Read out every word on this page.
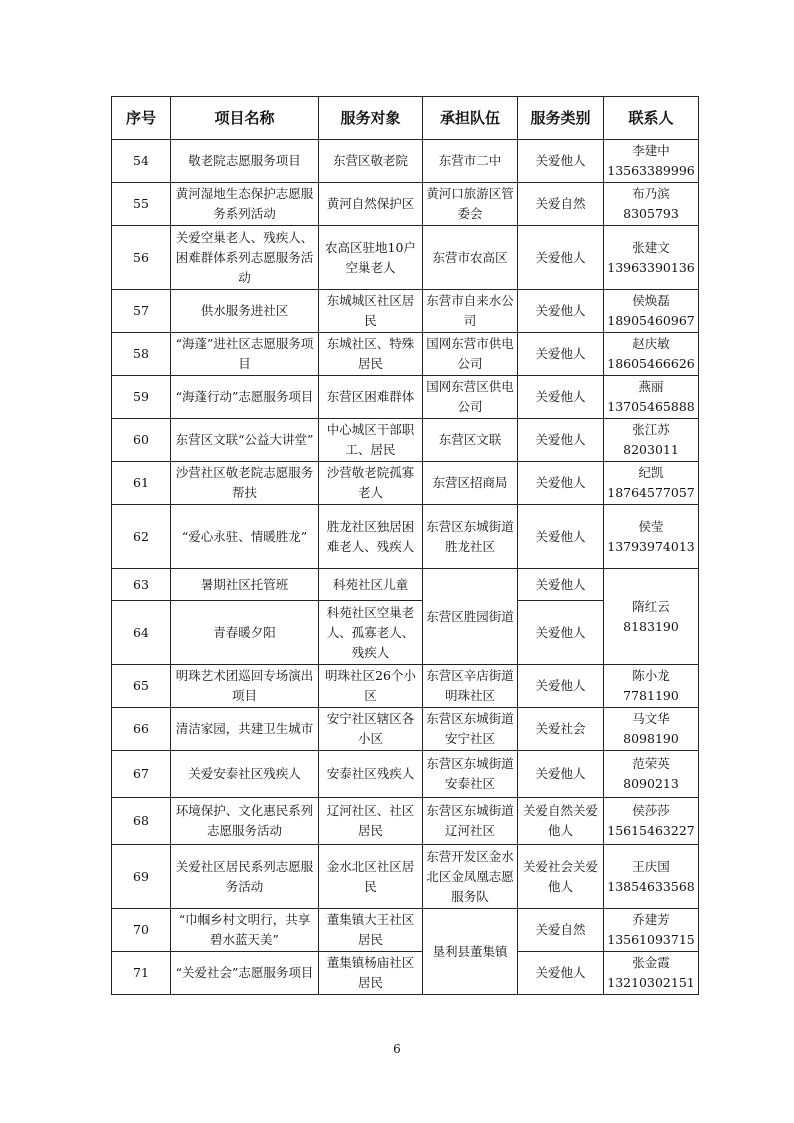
序号	项目名称	服务对象	承担队伍	服务类别	联系人
54	敬老院志愿服务项目	东营区敬老院	东营市二中	关爱他人	李建中
13563389996
55	黄河湿地生态保护志愿服务系列活动	黄河自然保护区	黄河口旅游区管委会	关爱自然	布乃滨
8305793
56	关爱空巢老人、残疾人、困难群体系列志愿服务活动	农高区驻地10户空巢老人	东营市农高区	关爱他人	张建文
13963390136
57	供水服务进社区	东城城区社区居民	东营市自来水公司	关爱他人	侯焕磊
18905460967
58	“海蓬”进社区志愿服务项目	东城社区、特殊居民	国网东营市供电公司	关爱他人	赵庆敏
18605466626
59	“海蓬行动”志愿服务项目	东营区困难群体	国网东营区供电公司	关爱他人	燕丽
13705465888
60	东营区文联“公益大讲堂”	中心城区干部职工、居民	东营区文联	关爱他人	张江苏
8203011
61	沙营社区敬老院志愿服务帮扶	沙营敬老院孤寡老人	东营区招商局	关爱他人	纪凯
18764577057
62	“爱心永驻、情暖胜龙”	胜龙社区独居困难老人、残疾人	东营区东城街道胜龙社区	关爱他人	侯莹
13793974013
63	暑期社区托管班	科苑社区儿童	东营区胜园街道	关爱他人	隋红云
8183190
64	青春暖夕阳	科苑社区空巢老人、孤寡老人、残疾人		关爱他人	
65	明珠艺术团巡回专场演出项目	明珠社区26个小区	东营区辛店街道明珠社区	关爱他人	陈小龙
7781190
66	清洁家园，共建卫生城市	安宁社区辖区各小区	东营区东城街道安宁社区	关爱社会	马文华
8098190
67	关爱安泰社区残疾人	安泰社区残疾人	东营区东城街道安泰社区	关爱他人	范荣英
8090213
68	环境保护、文化惠民系列志愿服务活动	辽河社区、社区居民	东营区东城街道辽河社区	关爱自然关爱他人	侯莎莎
15615463227
69	关爱社区居民系列志愿服务活动	金水北区社区居民	东营开发区金水北区金凤凰志愿服务队	关爱社会关爱他人	王庆国
13854633568
70	“巾帼乡村文明行，共享碧水蓝天美”	董集镇大王社区居民	垦利县董集镇	关爱自然	乔建芳
13561093715
71	“关爱社会”志愿服务项目	董集镇杨庙社区居民		关爱他人	张金霞
13210302151
6
